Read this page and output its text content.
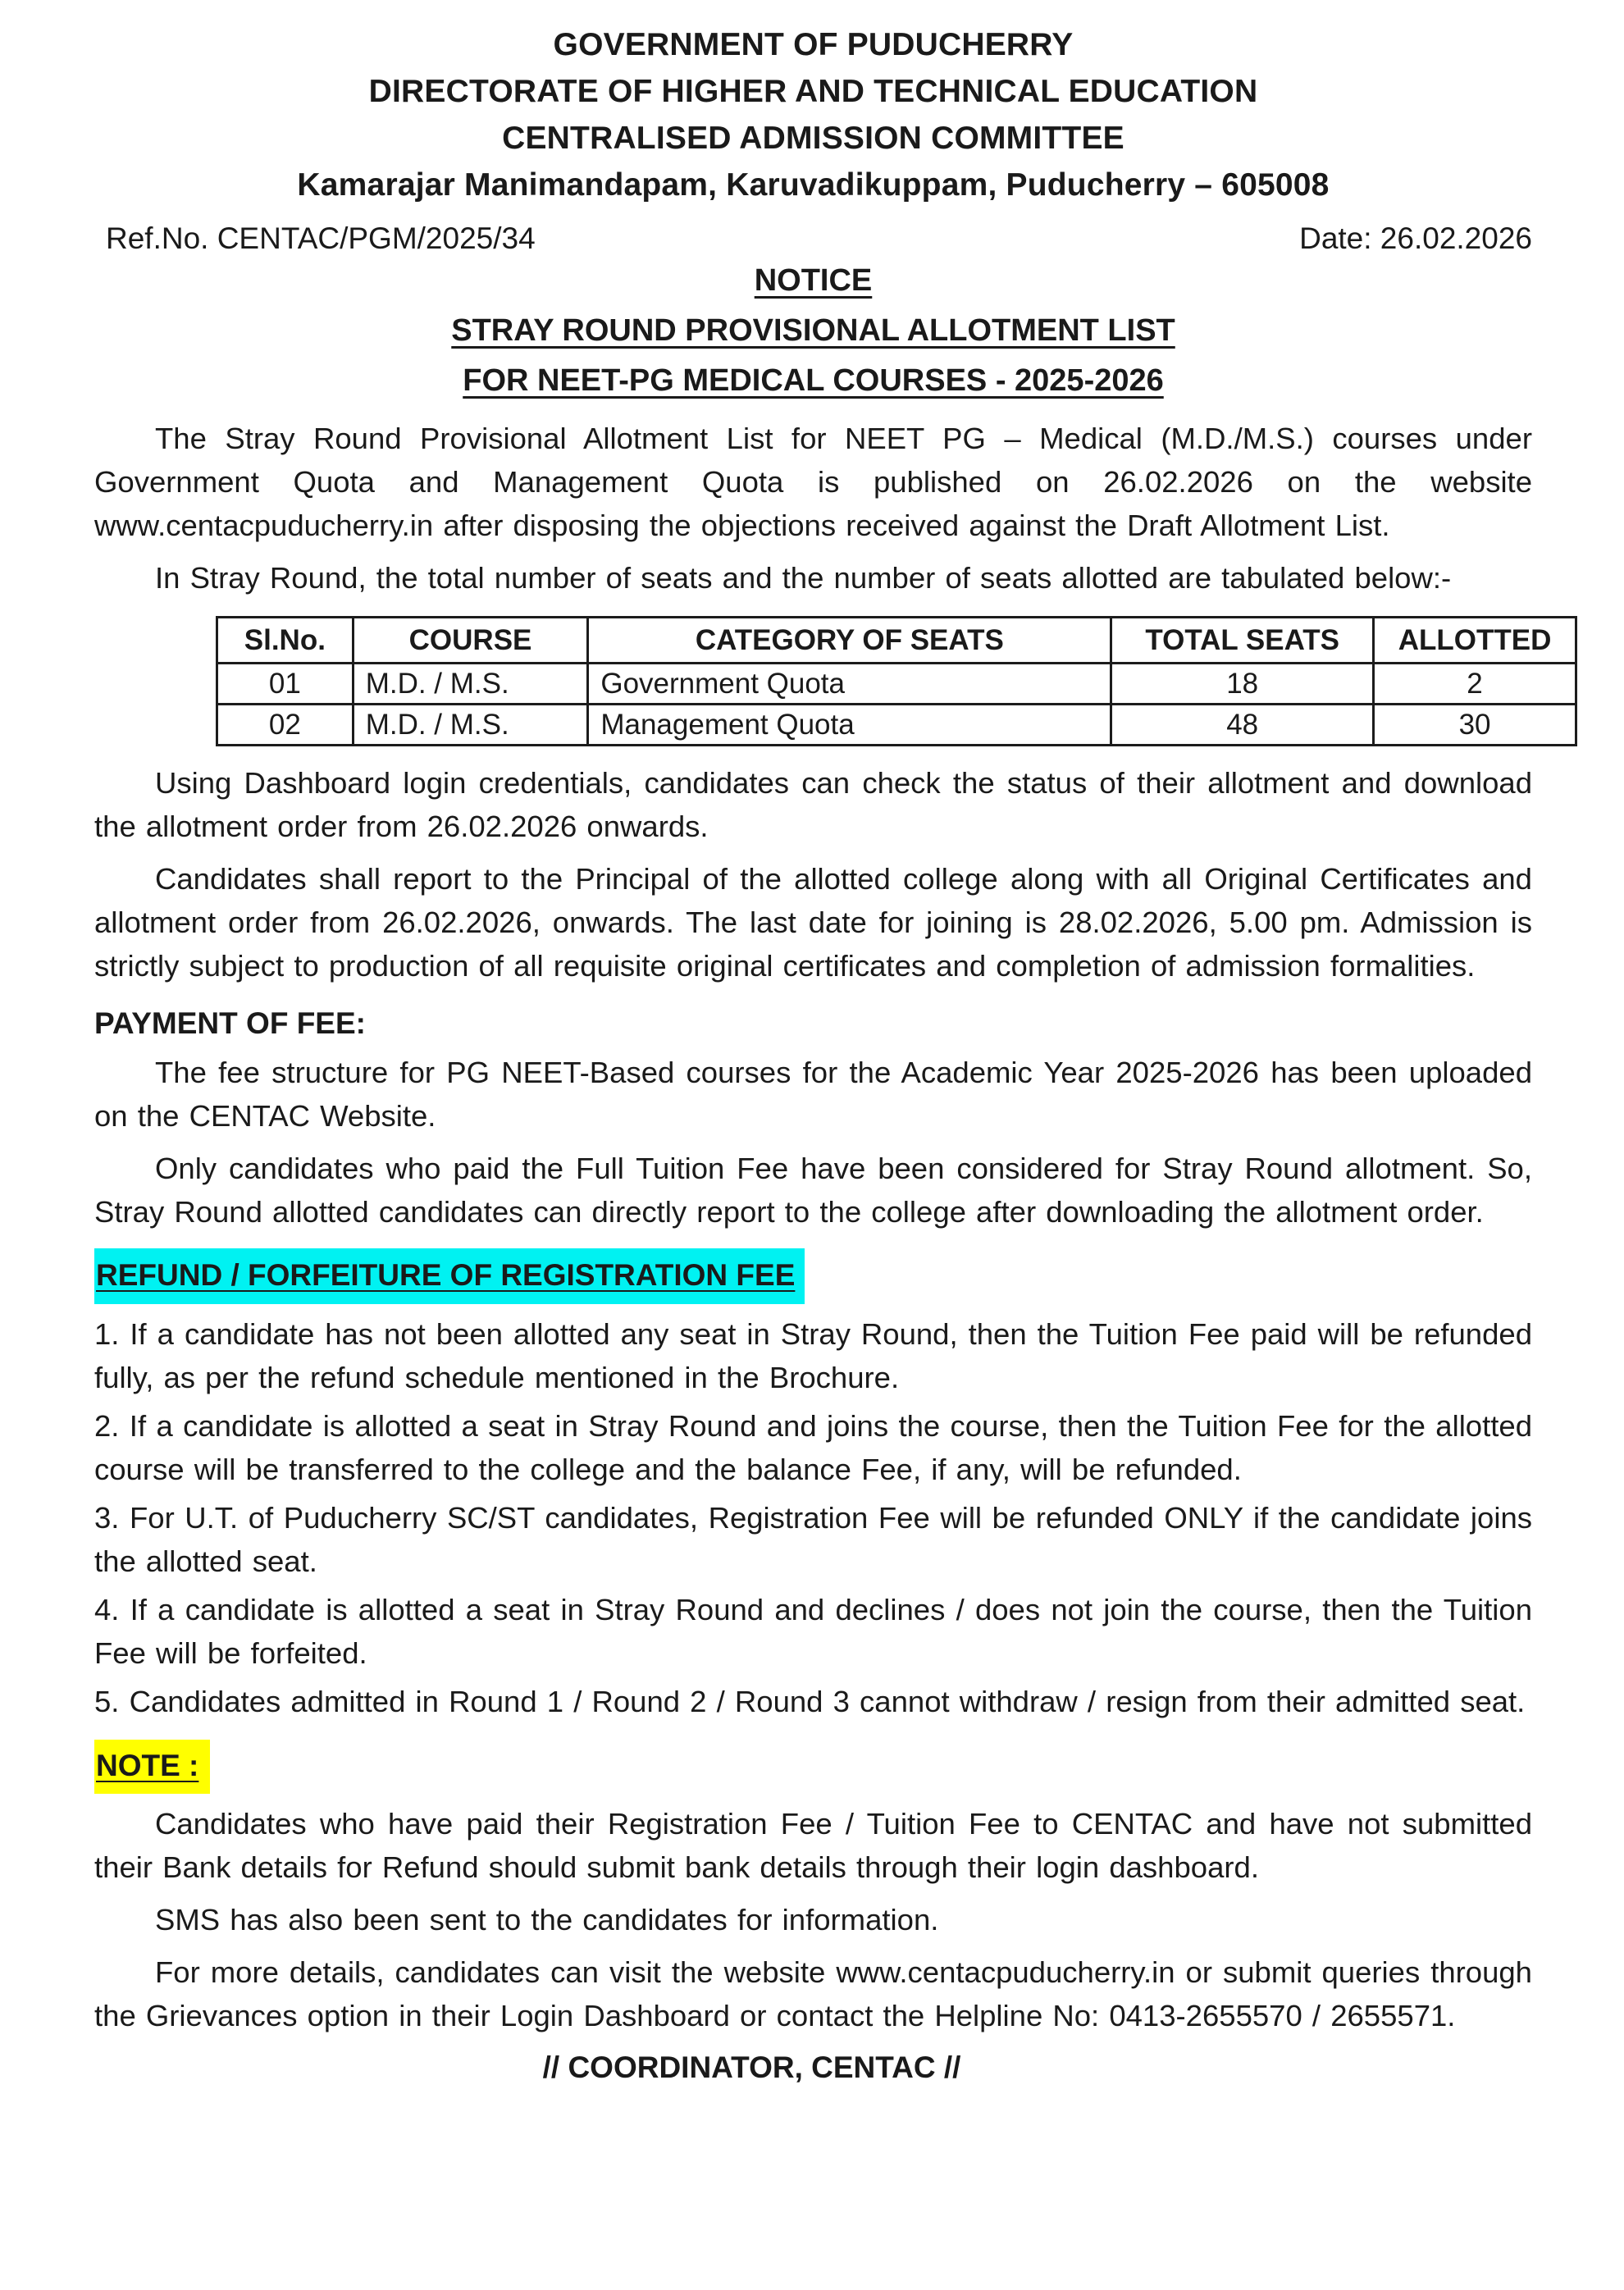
GOVERNMENT OF PUDUCHERRY
DIRECTORATE OF HIGHER AND TECHNICAL EDUCATION
CENTRALISED ADMISSION COMMITTEE
Kamarajar Manimandapam, Karuvadikuppam, Puducherry – 605008
Ref.No. CENTAC/PGM/2025/34	Date: 26.02.2026
NOTICE
STRAY ROUND PROVISIONAL ALLOTMENT LIST
FOR NEET-PG MEDICAL COURSES - 2025-2026

The Stray Round Provisional Allotment List for NEET PG – Medical (M.D./M.S.) courses under Government Quota and Management Quota is published on 26.02.2026 on the website www.centacpuducherry.in after disposing the objections received against the Draft Allotment List.

In Stray Round, the total number of seats and the number of seats allotted are tabulated below:-

Sl.No.	COURSE	CATEGORY OF SEATS	TOTAL SEATS	ALLOTTED
01	M.D. / M.S.	Government Quota	18	2
02	M.D. / M.S.	Management Quota	48	30

Using Dashboard login credentials, candidates can check the status of their allotment and download the allotment order from 26.02.2026 onwards.

Candidates shall report to the Principal of the allotted college along with all Original Certificates and allotment order from 26.02.2026, onwards. The last date for joining is 28.02.2026, 5.00 pm. Admission is strictly subject to production of all requisite original certificates and completion of admission formalities.

PAYMENT OF FEE:

The fee structure for PG NEET-Based courses for the Academic Year 2025-2026 has been uploaded on the CENTAC Website.

Only candidates who paid the Full Tuition Fee have been considered for Stray Round allotment. So, Stray Round allotted candidates can directly report to the college after downloading the allotment order.

REFUND / FORFEITURE OF REGISTRATION FEE

1. If a candidate has not been allotted any seat in Stray Round, then the Tuition Fee paid will be refunded fully, as per the refund schedule mentioned in the Brochure.

2. If a candidate is allotted a seat in Stray Round and joins the course, then the Tuition Fee for the allotted course will be transferred to the college and the balance Fee, if any, will be refunded.

3. For U.T. of Puducherry SC/ST candidates, Registration Fee will be refunded ONLY if the candidate joins the allotted seat.

4. If a candidate is allotted a seat in Stray Round and declines / does not join the course, then the Tuition Fee will be forfeited.

5. Candidates admitted in Round 1 / Round 2 / Round 3 cannot withdraw / resign from their admitted seat.

NOTE :

Candidates who have paid their Registration Fee / Tuition Fee to CENTAC and have not submitted their Bank details for Refund should submit bank details through their login dashboard.

SMS has also been sent to the candidates for information.

For more details, candidates can visit the website www.centacpuducherry.in or submit queries through the Grievances option in their Login Dashboard or contact the Helpline No: 0413-2655570 / 2655571.

// COORDINATOR, CENTAC //
